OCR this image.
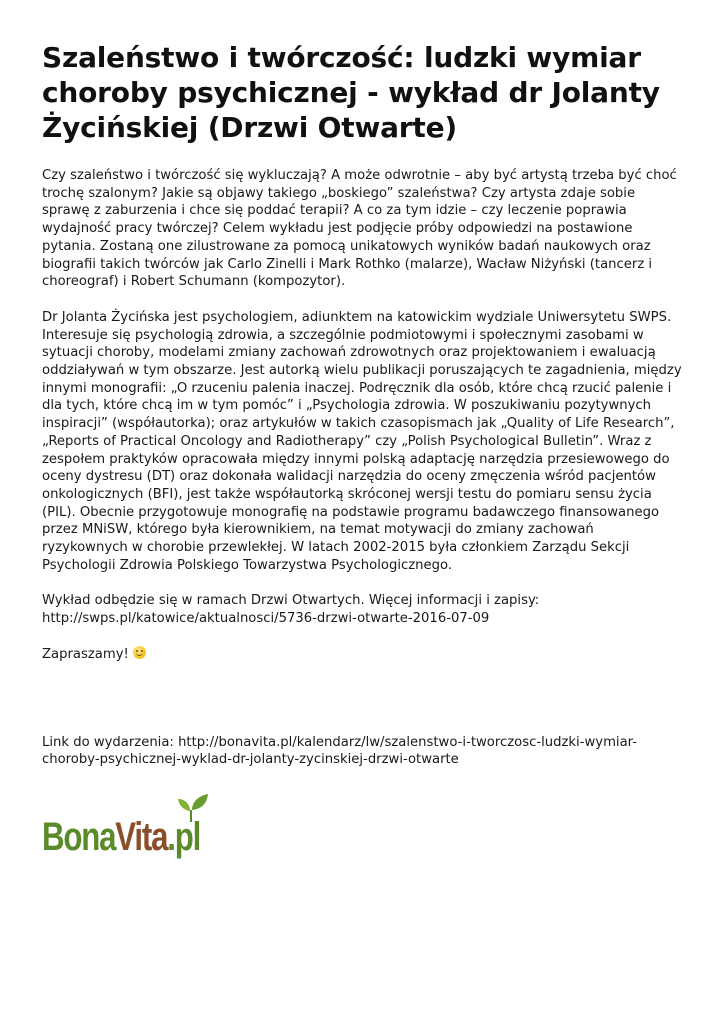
Szaleństwo i twórczość: ludzki wymiar choroby psychicznej - wykład dr Jolanty Życińskiej (Drzwi Otwarte)

Czy szaleństwo i twórczość się wykluczają? A może odwrotnie – aby być artystą trzeba być choć trochę szalonym? Jakie są objawy takiego „boskiego” szaleństwa? Czy artysta zdaje sobie sprawę z zaburzenia i chce się poddać terapii? A co za tym idzie – czy leczenie poprawia wydajność pracy twórczej? Celem wykładu jest podjęcie próby odpowiedzi na postawione pytania. Zostaną one zilustrowane za pomocą unikatowych wyników badań naukowych oraz biografii takich twórców jak Carlo Zinelli i Mark Rothko (malarze), Wacław Niżyński (tancerz i choreograf) i Robert Schumann (kompozytor).

Dr Jolanta Życińska jest psychologiem, adiunktem na katowickim wydziale Uniwersytetu SWPS. Interesuje się psychologią zdrowia, a szczególnie podmiotowymi i społecznymi zasobami w sytuacji choroby, modelami zmiany zachowań zdrowotnych oraz projektowaniem i ewaluacją oddziaływań w tym obszarze. Jest autorką wielu publikacji poruszających te zagadnienia, między innymi monografii: „O rzuceniu palenia inaczej. Podręcznik dla osób, które chcą rzucić palenie i dla tych, które chcą im w tym pomóc” i „Psychologia zdrowia. W poszukiwaniu pozytywnych inspiracji” (współautorka); oraz artykułów w takich czasopismach jak „Quality of Life Research”, „Reports of Practical Oncology and Radiotherapy” czy „Polish Psychological Bulletin”. Wraz z zespołem praktyków opracowała między innymi polską adaptację narzędzia przesiewowego do oceny dystresu (DT) oraz dokonała walidacji narzędzia do oceny zmęczenia wśród pacjentów onkologicznych (BFI), jest także współautorką skróconej wersji testu do pomiaru sensu życia (PIL). Obecnie przygotowuje monografię na podstawie programu badawczego finansowanego przez MNiSW, którego była kierownikiem, na temat motywacji do zmiany zachowań ryzykownych w chorobie przewlekłej. W latach 2002-2015 była członkiem Zarządu Sekcji Psychologii Zdrowia Polskiego Towarzystwa Psychologicznego.

Wykład odbędzie się w ramach Drzwi Otwartych. Więcej informacji i zapisy:
http://swps.pl/katowice/aktualnosci/5736-drzwi-otwarte-2016-07-09

Zapraszamy!

Link do wydarzenia: http://bonavita.pl/kalendarz/lw/szalenstwo-i-tworczosc-ludzki-wymiar-choroby-psychicznej-wyklad-dr-jolanty-zycinskiej-drzwi-otwarte

BonaVita.pl
